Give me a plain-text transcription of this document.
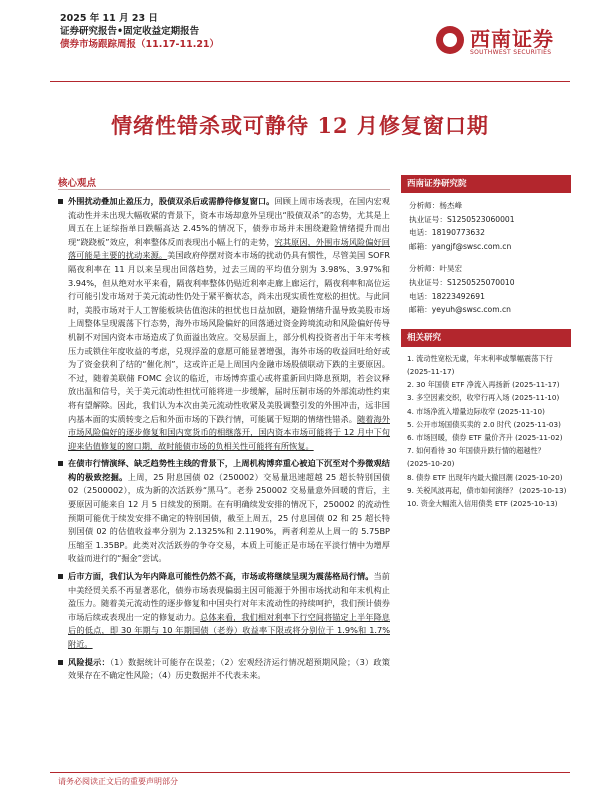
2025 年 11 月 23 日
证券研究报告•固定收益定期报告
债券市场跟踪周报（11.17-11.21）	西南证券
SOUTHWEST SECURITIES
情绪性错杀或可静待 12 月修复窗口期
核心观点
外围扰动叠加止盈压力，股债双杀后或需静待修复窗口。回顾上周市场表现，在国内宏观流动性并未出现大幅收紧的背景下，资本市场却意外呈现出“股债双杀”的态势，尤其是上周五在上证综指单日跌幅高达 2.45%的情况下，债券市场并未围绕避险情绪提升而出现“跷跷板”效应，利率整体反而表现出小幅上行的走势，究其原因，外围市场风险偏好回落可能是主要的扰动来源。美国政府停摆对资本市场的扰动仍具有惯性，尽管美国 SOFR 隔夜利率在 11 月以来呈现出回落趋势，过去三周的平均值分别为 3.98%、3.97%和 3.94%，但从绝对水平来看，隔夜利率整体仍贴近利率走廊上廊运行，隔夜利率和高位运行可能引发市场对于美元流动性仍处于紧平衡状态，尚未出现实质性宽松的担忧。与此同时，美股市场对于人工智能板块估值泡沫的担忧也日益加剧，避险情绪升温导致美股市场上周整体呈现震荡下行态势，海外市场风险偏好的回落通过资金跨境流动和风险偏好传导机制不对国内资本市场造成了负面溢出效应。交易层面上，部分机构投资者出于年末考核压力或锁住年度收益的考虑，兑现浮盈的意愿可能显著增强，海外市场的收益回吐给好或为了资金获利了结的“催化剂”，这或许正是上周国内金融市场股债联动下跌的主要原因。不过，随着美联储 FOMC 会议的临近，市场博弈重心或将重新回归降息预期，若会议释放出温和信号，关于美元流动性担忧可能将进一步缓解，届时压制市场的外部流动性约束将有望解除。因此，我们认为本次由美元流动性收紧及美股调整引发的外围冲击，远非国内基本面的实质转变之后和外面市场的下跌行情，可能属于短期的情绪性错杀。随着海外市场风险偏好的逐步修复和国内宽货币的相继落开，国内资本市场可能将于 12 月中下旬迎来估值修复的窗口期，故时能债市场的负相关性可能将有所恢复。
在债市行情演绎、缺乏趋势性主线的背景下，上周机构博弈重心被迫下沉至对个券微观结构的极致挖掘。上周，25 附息国债 02（250002）交易量迅速超越 25 超长特别国债 02（2500002），成为新的次活跃券“黑马”。老券 250002 交易量意外回暖的背后，主要原因可能来自 12 月 5 日续发的预期。在有明确续发安排的情况下，250002 的流动性预期可能优于续发安排不确定的特别国债，截至上周五，25 付息国债 02 和 25 超长特别国债 02 的估值收益率分别为 2.1325%和 2.1190%，两者利差从上周一的 5.75BP 压缩至 1.35BP。此类对次活跃券的争夺交易，本质上可能正是市场在平淡行情中为增厚收益而进行的“掘金”尝试。
后市方面，我们认为年内降息可能性仍然不高，市场或将继续呈现为震荡格局行情。当前中美经贸关系不再显著恶化，债券市场表现偏弱主因可能源于外围市场扰动和年末机构止盈压力。随着美元流动性的逐步修复和中国央行对年末流动性的持续呵护，我们预计债券市场后续或表现出一定的修复动力。总体来看，我们相对利率下行空间将锚定上半年降息后的低点，即 30 年期与 10 年期国债（老券）收益率下限或将分别位于 1.9%和 1.7%附近。
风险提示：（1）数据统计可能存在误差；（2）宏观经济运行情况超预期风险；（3）政策效果存在不确定性风险；（4）历史数据并不代表未来。
西南证券研究院
分析师：杨杰峰
执业证号：S1250523060001
电话：18190773632
邮箱：yangjf@swsc.com.cn
分析师：叶昊宏
执业证号：S1250525070010
电话：18223492691
邮箱：yeyuh@swsc.com.cn
相关研究
1. 流动性宽松无虞，年末利率或掣幅震荡下行 (2025-11-17)
2. 30 年国债 ETF 净流入再扬新 (2025-11-17)
3. 多空因素交织，收窄行再入场 (2025-11-10)
4. 市场净流入增量边际收窄 (2025-11-10)
5. 公开市场国债买卖的 2.0 时代 (2025-11-03)
6. 市场回暖，债券 ETF 量价齐升 (2025-11-02)
7. 如何看待 30 年国债升跌行情的超越性？ (2025-10-20)
8. 债券 ETF 出现年内最大撤回潮 (2025-10-20)
9. 关税风波再起，债市如何演绎？ (2025-10-13)
10. 资金大幅流入信用债类 ETF (2025-10-13)
请务必阅读正文后的重要声明部分
